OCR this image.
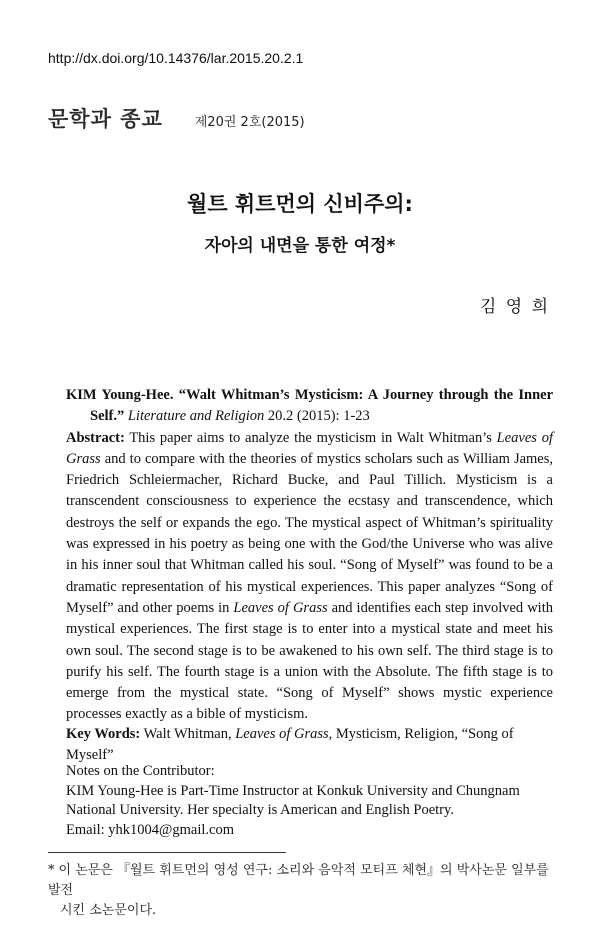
http://dx.doi.org/10.14376/lar.2015.20.2.1
문학과 종교 제20권 2호(2015)
월트 휘트먼의 신비주의:
자아의 내면을 통한 여정*
김 영 희
KIM Young-Hee. “Walt Whitman’s Mysticism: A Journey through the Inner Self.” Literature and Religion 20.2 (2015): 1-23
Abstract: This paper aims to analyze the mysticism in Walt Whitman’s Leaves of Grass and to compare with the theories of mystics scholars such as William James, Friedrich Schleiermacher, Richard Bucke, and Paul Tillich. Mysticism is a transcendent consciousness to experience the ecstasy and transcendence, which destroys the self or expands the ego. The mystical aspect of Whitman’s spirituality was expressed in his poetry as being one with the God/the Universe who was alive in his inner soul that Whitman called his soul. “Song of Myself” was found to be a dramatic representation of his mystical experiences. This paper analyzes “Song of Myself” and other poems in Leaves of Grass and identifies each step involved with mystical experiences. The first stage is to enter into a mystical state and meet his own soul. The second stage is to be awakened to his own self. The third stage is to purify his self. The fourth stage is a union with the Absolute. The fifth stage is to emerge from the mystical state. “Song of Myself” shows mystic experience processes exactly as a bible of mysticism.
Key Words: Walt Whitman, Leaves of Grass, Mysticism, Religion, “Song of Myself”
Notes on the Contributor:
KIM Young-Hee is Part-Time Instructor at Konkuk University and Chungnam
National University. Her specialty is American and English Poetry.
Email: yhk1004@gmail.com
* 이 논문은 『월트 휘트먼의 영성 연구: 소리와 음악적 모티프 체현』의 박사논문 일부를 발전
시킨 소논문이다.
